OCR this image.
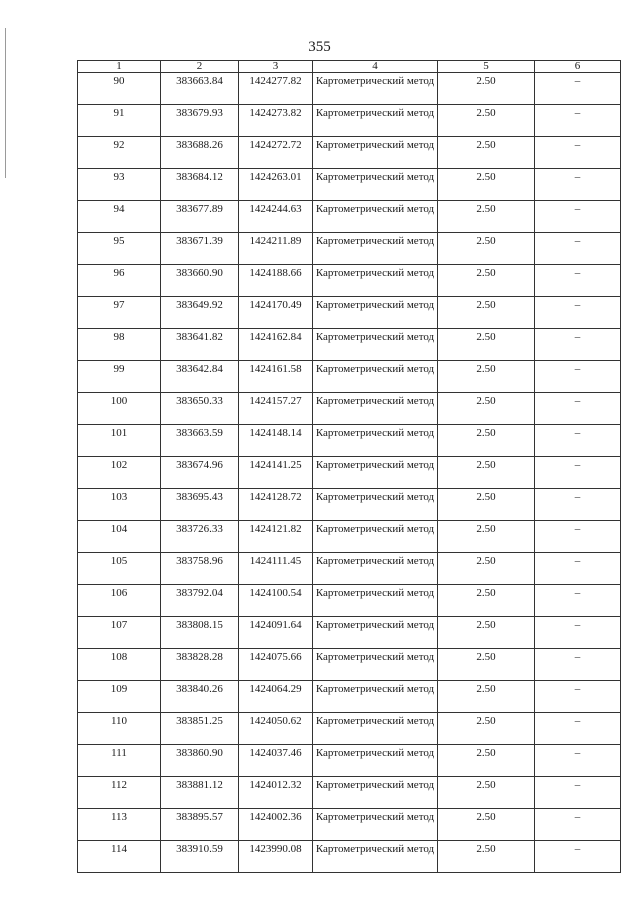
355
1	2	3	4	5	6
90	383663.84	1424277.82	Картометрический метод	2.50	–
91	383679.93	1424273.82	Картометрический метод	2.50	–
92	383688.26	1424272.72	Картометрический метод	2.50	–
93	383684.12	1424263.01	Картометрический метод	2.50	–
94	383677.89	1424244.63	Картометрический метод	2.50	–
95	383671.39	1424211.89	Картометрический метод	2.50	–
96	383660.90	1424188.66	Картометрический метод	2.50	–
97	383649.92	1424170.49	Картометрический метод	2.50	–
98	383641.82	1424162.84	Картометрический метод	2.50	–
99	383642.84	1424161.58	Картометрический метод	2.50	–
100	383650.33	1424157.27	Картометрический метод	2.50	–
101	383663.59	1424148.14	Картометрический метод	2.50	–
102	383674.96	1424141.25	Картометрический метод	2.50	–
103	383695.43	1424128.72	Картометрический метод	2.50	–
104	383726.33	1424121.82	Картометрический метод	2.50	–
105	383758.96	1424111.45	Картометрический метод	2.50	–
106	383792.04	1424100.54	Картометрический метод	2.50	–
107	383808.15	1424091.64	Картометрический метод	2.50	–
108	383828.28	1424075.66	Картометрический метод	2.50	–
109	383840.26	1424064.29	Картометрический метод	2.50	–
110	383851.25	1424050.62	Картометрический метод	2.50	–
111	383860.90	1424037.46	Картометрический метод	2.50	–
112	383881.12	1424012.32	Картометрический метод	2.50	–
113	383895.57	1424002.36	Картометрический метод	2.50	–
114	383910.59	1423990.08	Картометрический метод	2.50	–
